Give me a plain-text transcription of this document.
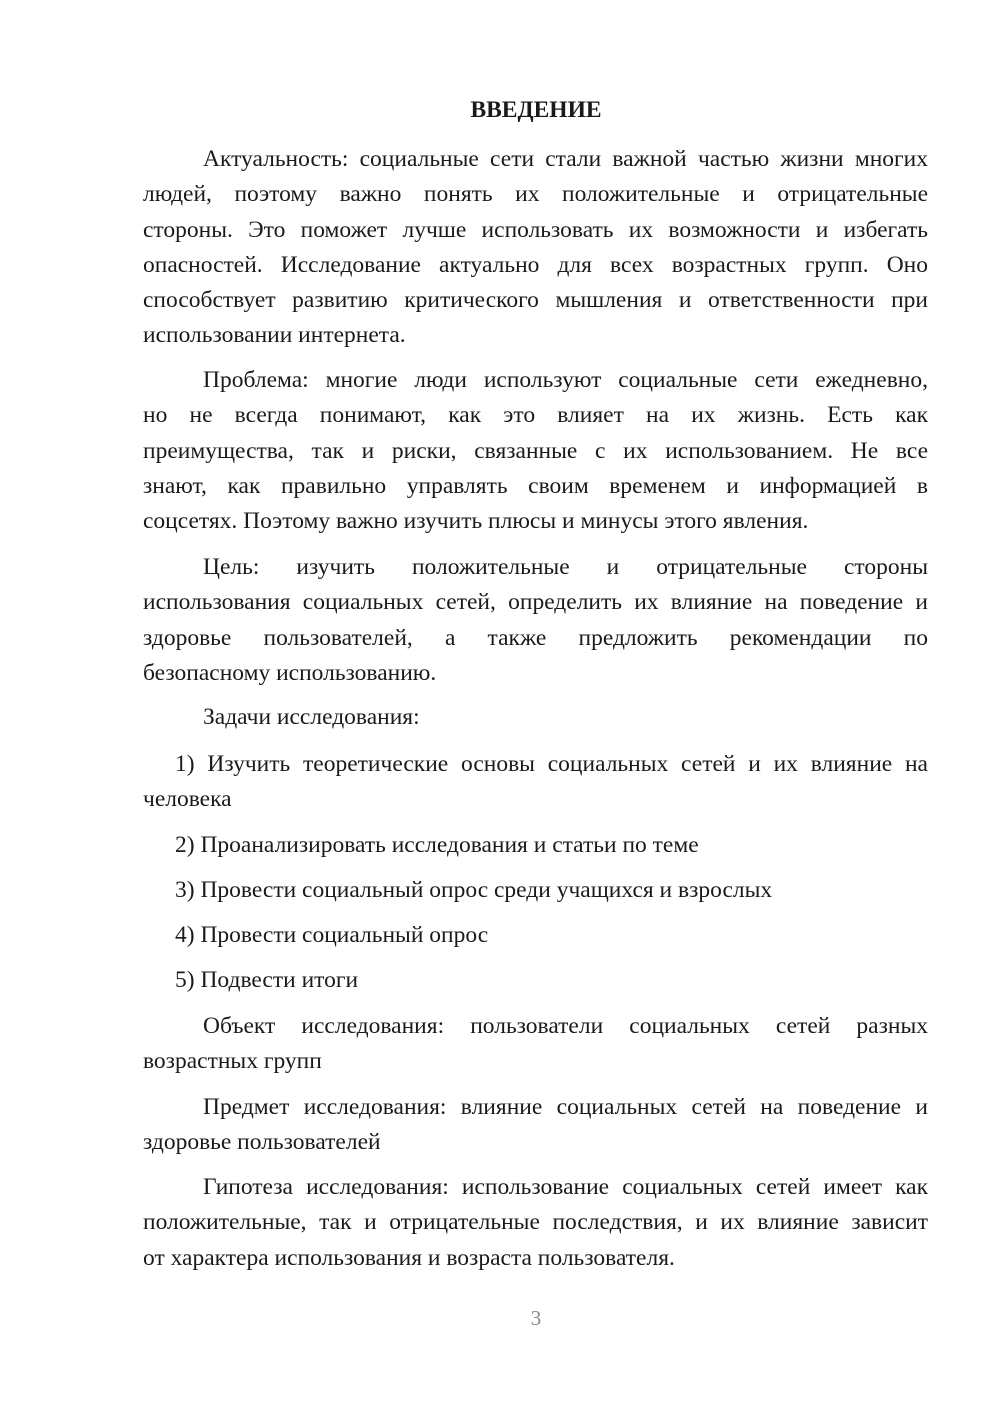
ВВЕДЕНИЕ
Актуальность: социальные сети стали важной частью жизни многих
людей, поэтому важно понять их положительные и отрицательные
стороны. Это поможет лучше использовать их возможности и избегать
опасностей. Исследование актуально для всех возрастных групп. Оно
способствует развитию критического мышления и ответственности при
использовании интернета.
Проблема: многие люди используют социальные сети ежедневно,
но не всегда понимают, как это влияет на их жизнь. Есть как
преимущества, так и риски, связанные с их использованием. Не все
знают, как правильно управлять своим временем и информацией в
соцсетях. Поэтому важно изучить плюсы и минусы этого явления.
Цель: изучить положительные и отрицательные стороны
использования социальных сетей, определить их влияние на поведение и
здоровье пользователей, а также предложить рекомендации по
безопасному использованию.
Задачи исследования:
1) Изучить теоретические основы социальных сетей и их влияние на
человека
2) Проанализировать исследования и статьи по теме
3) Провести социальный опрос среди учащихся и взрослых
4) Провести социальный опрос
5) Подвести итоги
Объект исследования: пользователи социальных сетей разных
возрастных групп
Предмет исследования: влияние социальных сетей на поведение и
здоровье пользователей
Гипотеза исследования: использование социальных сетей имеет как
положительные, так и отрицательные последствия, и их влияние зависит
от характера использования и возраста пользователя.
3
